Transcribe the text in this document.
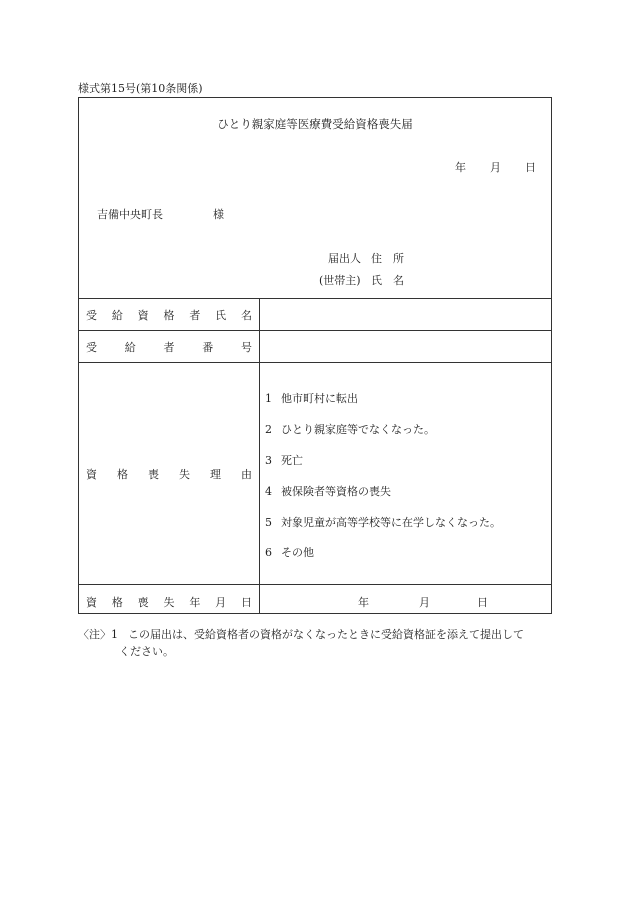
様式第15号(第10条関係)
ひとり親家庭等医療費受給資格喪失届
年 月 日
吉備中央町長	様
届出人 住　所
(世帯主) 氏　名
受 給 資 格 者 氏 名
受	給	者	番	号
資 格 喪 失 理 由
1 他市町村に転出
2 ひとり親家庭等でなくなった。
3 死亡
4 被保険者等資格の喪失
5 対象児童が高等学校等に在学しなくなった。
6 その他
資 格 喪 失 年 月 日	年	月	日
〈注〉1 この届出は、受給資格者の資格がなくなったときに受給資格証を添えて提出して
ください。
